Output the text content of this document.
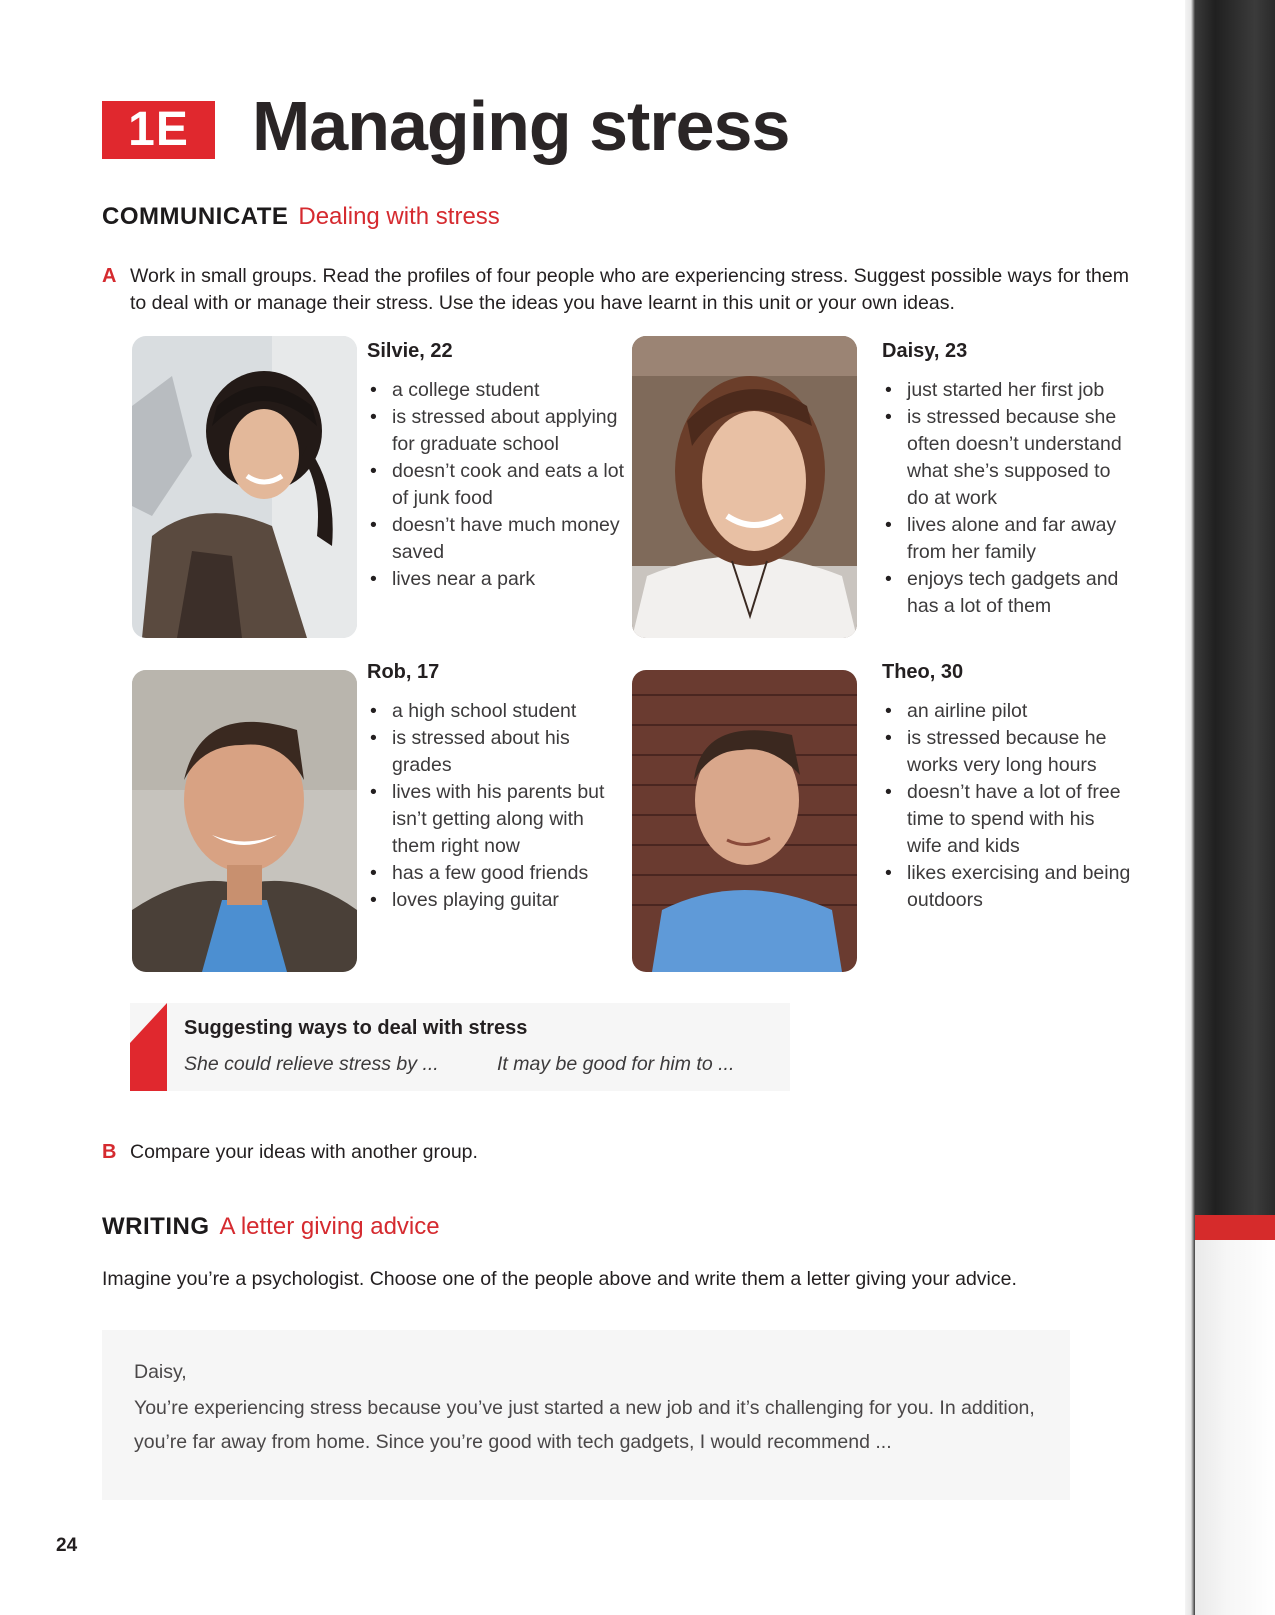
1E Managing stress
COMMUNICATE Dealing with stress
A Work in small groups. Read the profiles of four people who are experiencing stress. Suggest possible ways for them to deal with or manage their stress. Use the ideas you have learnt in this unit or your own ideas.
Silvie, 22
• a college student
• is stressed about applying for graduate school
• doesn’t cook and eats a lot of junk food
• doesn’t have much money saved
• lives near a park
Daisy, 23
• just started her first job
• is stressed because she often doesn’t understand what she’s supposed to do at work
• lives alone and far away from her family
• enjoys tech gadgets and has a lot of them
Rob, 17
• a high school student
• is stressed about his grades
• lives with his parents but isn’t getting along with them right now
• has a few good friends
• loves playing guitar
Theo, 30
• an airline pilot
• is stressed because he works very long hours
• doesn’t have a lot of free time to spend with his wife and kids
• likes exercising and being outdoors
Suggesting ways to deal with stress
She could relieve stress by ...	It may be good for him to ...
B Compare your ideas with another group.
WRITING A letter giving advice
Imagine you’re a psychologist. Choose one of the people above and write them a letter giving your advice.
Daisy,
You’re experiencing stress because you’ve just started a new job and it’s challenging for you. In addition, you’re far away from home. Since you’re good with tech gadgets, I would recommend ...
24
